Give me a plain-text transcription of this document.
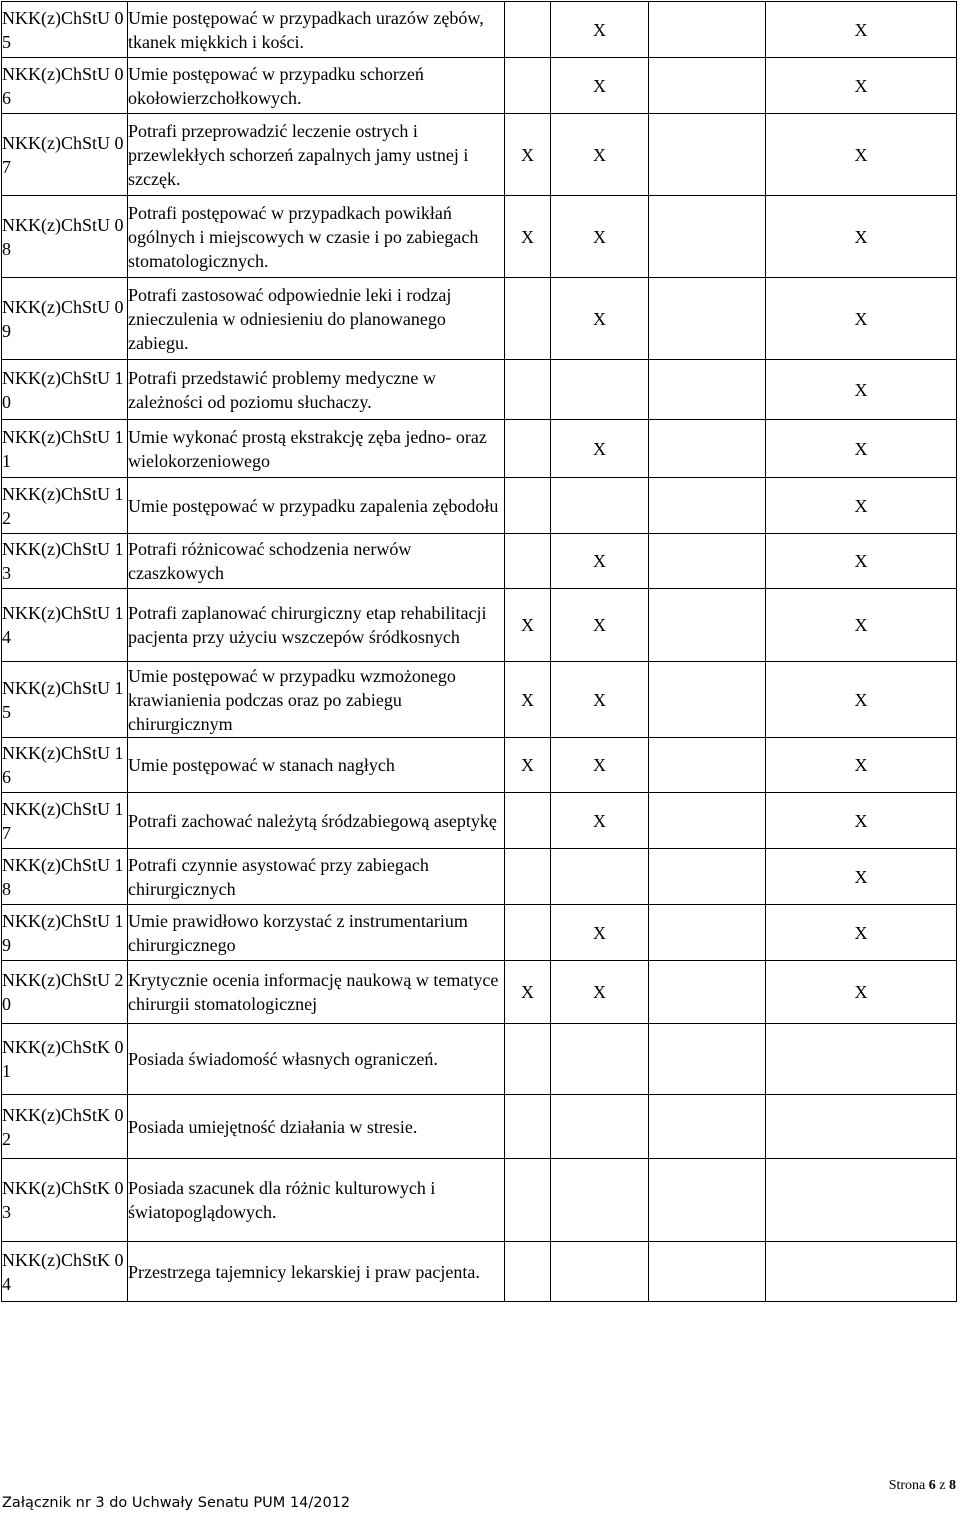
NKK(z)ChStU 05	Umie postępować w przypadkach urazów zębów, tkanek miękkich i kości.		X		X	
NKK(z)ChStU 06	Umie postępować w przypadku schorzeń okołowierzchołkowych.		X		X	
NKK(z)ChStU 07	Potrafi przeprowadzić leczenie ostrych i przewlekłych schorzeń zapalnych jamy ustnej i szczęk.	X	X		X	
NKK(z)ChStU 08	Potrafi postępować w przypadkach powikłań ogólnych i miejscowych w czasie i po zabiegach stomatologicznych.	X	X		X	
NKK(z)ChStU 09	Potrafi zastosować odpowiednie leki i rodzaj znieczulenia w odniesieniu do planowanego zabiegu.		X		X	
NKK(z)ChStU 10	Potrafi przedstawić problemy medyczne w zależności od poziomu słuchaczy.				X	
NKK(z)ChStU 11	Umie wykonać prostą ekstrakcję zęba jedno- oraz wielokorzeniowego		X		X	
NKK(z)ChStU 12	Umie postępować w przypadku zapalenia zębodołu				X	
NKK(z)ChStU 13	Potrafi różnicować schodzenia nerwów czaszkowych		X		X	
NKK(z)ChStU 14	Potrafi zaplanować chirurgiczny etap rehabilitacji pacjenta przy użyciu wszczepów śródkosnych	X	X		X	
NKK(z)ChStU 15	Umie postępować w przypadku wzmożonego krawianienia podczas oraz po zabiegu chirurgicznym	X	X		X	
NKK(z)ChStU 16	Umie postępować w stanach nagłych	X	X		X	
NKK(z)ChStU 17	Potrafi zachować należytą śródzabiegową aseptykę		X		X	
NKK(z)ChStU 18	Potrafi czynnie asystować przy zabiegach chirurgicznych				X	
NKK(z)ChStU 19	Umie prawidłowo korzystać z instrumentarium chirurgicznego		X		X	
NKK(z)ChStU 20	Krytycznie ocenia informację naukową w tematyce chirurgii stomatologicznej	X	X		X	
NKK(z)ChStK 01	Posiada świadomość własnych ograniczeń.					
NKK(z)ChStK 02	Posiada umiejętność działania w stresie.					
NKK(z)ChStK 03	Posiada szacunek dla różnic kulturowych i światopoglądowych.					
NKK(z)ChStK 04	Przestrzega tajemnicy lekarskiej i praw pacjenta.					
Załącznik nr 3 do Uchwały Senatu PUM 14/2012
Strona 6 z 8
